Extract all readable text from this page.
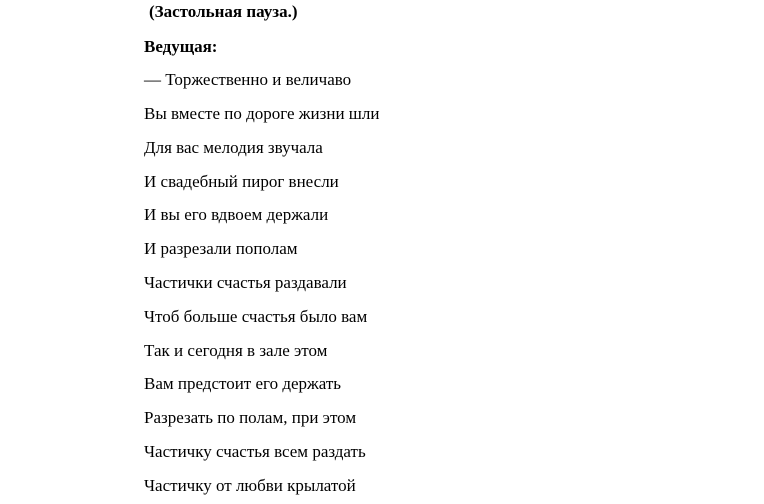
(Застольная пауза.)
Ведущая:
— Торжественно и величаво
Вы вместе по дороге жизни шли
Для вас мелодия звучала
И свадебный пирог внесли
И вы его вдвоем держали
И разрезали пополам
Частички счастья раздавали
Чтоб больше счастья было вам
Так и сегодня в зале этом
Вам предстоит его держать
Разрезать по полам, при этом
Частичку счастья всем раздать
Частичку от любви крылатой
